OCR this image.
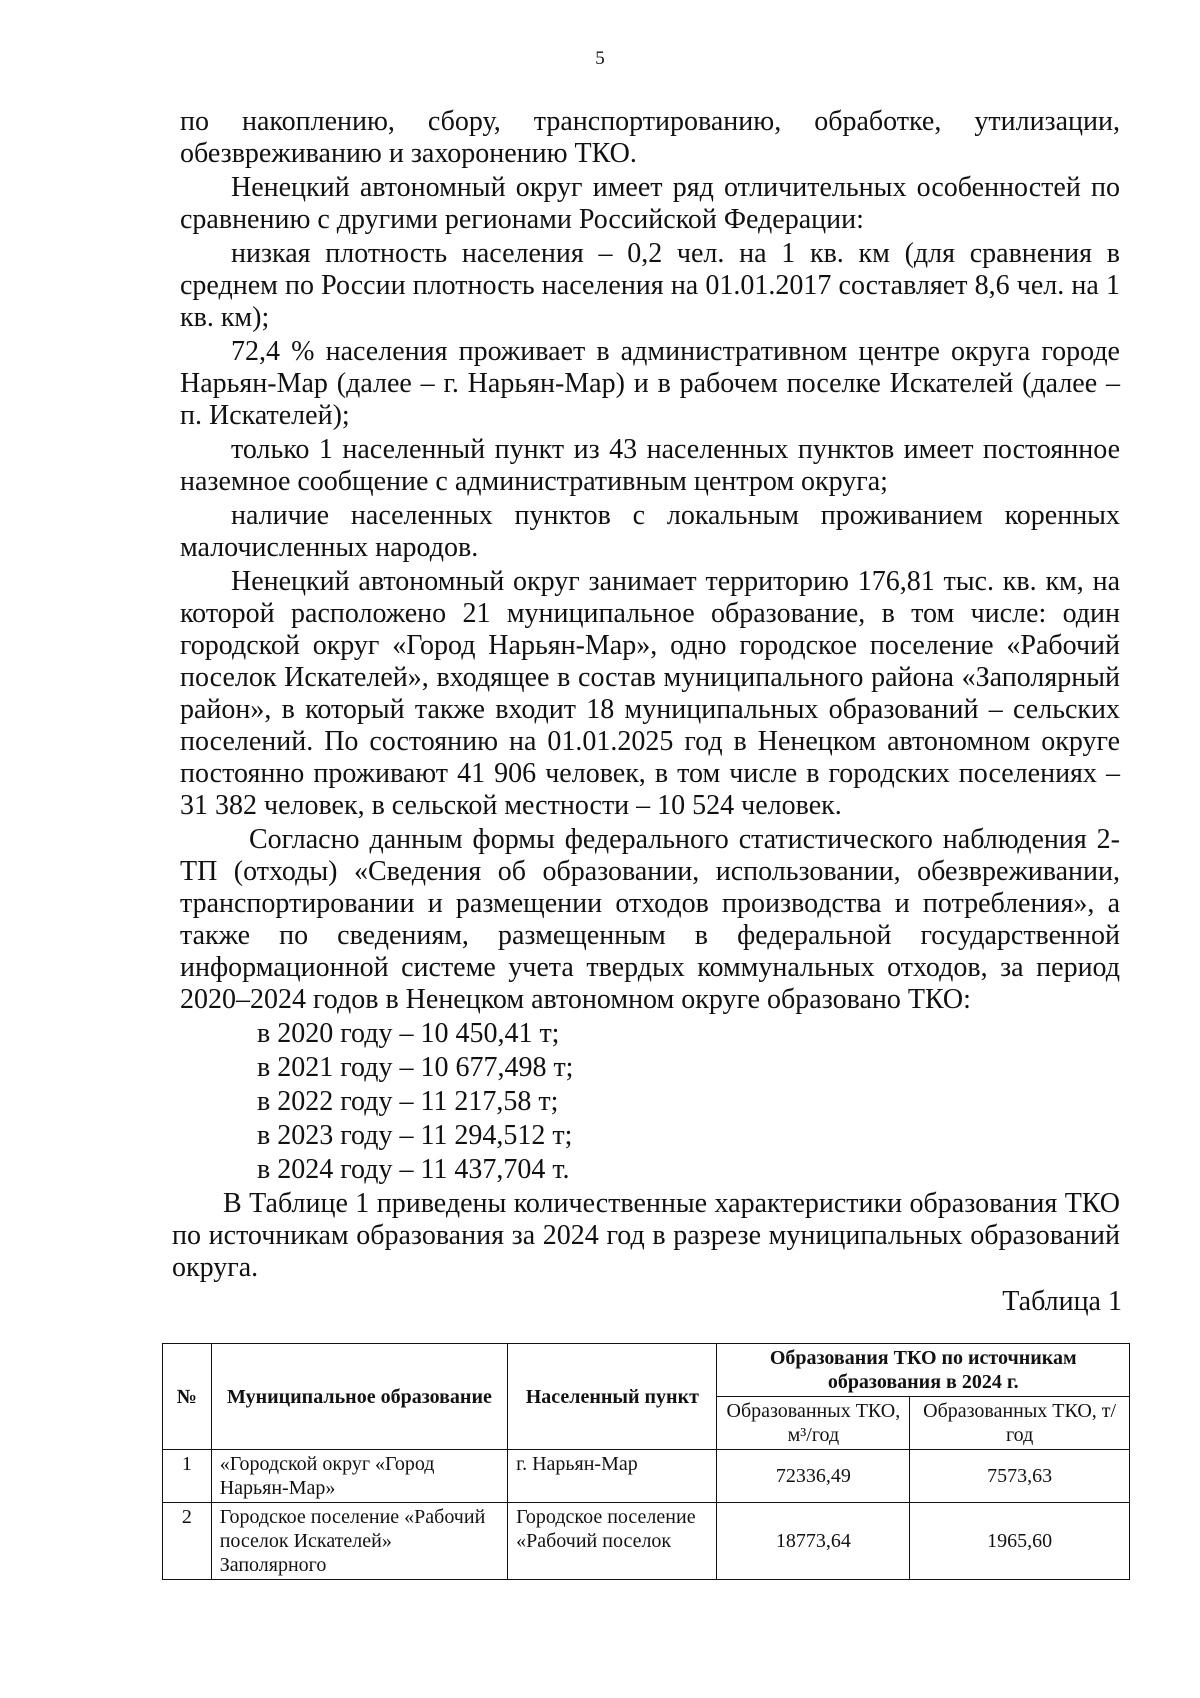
5

по накоплению, сбору, транспортированию, обработке, утилизации, обезвреживанию и захоронению ТКО.

Ненецкий автономный округ имеет ряд отличительных особенностей по сравнению с другими регионами Российской Федерации:

низкая плотность населения – 0,2 чел. на 1 кв. км (для сравнения в среднем по России плотность населения на 01.01.2017 составляет 8,6 чел. на 1 кв. км);

72,4 % населения проживает в административном центре округа городе Нарьян-Мар (далее – г. Нарьян-Мар) и в рабочем поселке Искателей (далее – п. Искателей);

только 1 населенный пункт из 43 населенных пунктов имеет постоянное наземное сообщение с административным центром округа;

наличие населенных пунктов с локальным проживанием коренных малочисленных народов.

Ненецкий автономный округ занимает территорию 176,81 тыс. кв. км, на которой расположено 21 муниципальное образование, в том числе: один городской округ «Город Нарьян-Мар», одно городское поселение «Рабочий поселок Искателей», входящее в состав муниципального района «Заполярный район», в который также входит 18 муниципальных образований – сельских поселений. По состоянию на 01.01.2025 год в Ненецком автономном округе постоянно проживают 41 906 человек, в том числе в городских поселениях – 31 382 человек, в сельской местности – 10 524 человек.

Согласно данным формы федерального статистического наблюдения 2-ТП (отходы) «Сведения об образовании, использовании, обезвреживании, транспортировании и размещении отходов производства и потребления», а также по сведениям, размещенным в федеральной государственной информационной системе учета твердых коммунальных отходов, за период 2020–2024 годов в Ненецком автономном округе образовано ТКО:

в 2020 году – 10 450,41 т;

в 2021 году – 10 677,498 т;

в 2022 году – 11 217,58 т;

в 2023 году – 11 294,512 т;

в 2024 году – 11 437,704 т.

В Таблице 1 приведены количественные характеристики образования ТКО по источникам образования за 2024 год в разрезе муниципальных образований округа.

Таблица 1
№	Муниципальное образование	Населенный пункт	Образования ТКО по источникам образования в 2024 г.	
			Образованных ТКО, м³/год	Образованных ТКО, т/год
1	«Городской округ «Город Нарьян-Мар»	г. Нарьян-Мар	72336,49	7573,63
2	Городское поселение «Рабочий поселок Искателей» Заполярного	Городское поселение «Рабочий поселок	18773,64	1965,60
